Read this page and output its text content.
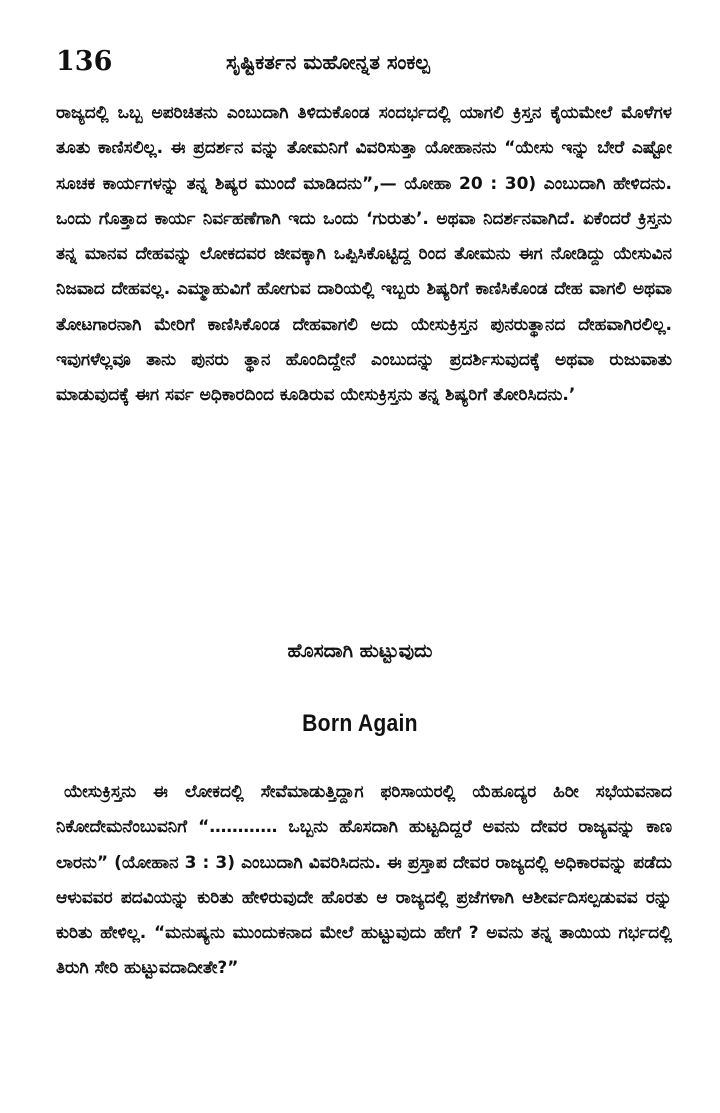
136	ಸೃಷ್ಟಿಕರ್ತನ ಮಹೋನ್ನತ ಸಂಕಲ್ಪ

ರಾಜ್ಯದಲ್ಲಿ ಒಬ್ಬ ಅಪರಿಚಿತನು ಎಂಬುದಾಗಿ ತಿಳಿದುಕೊಂಡ ಸಂದರ್ಭದಲ್ಲಿ ಯಾಗಲಿ ಕ್ರಿಸ್ತನ ಕೈಯಮೇಲೆ ಮೊಳೆಗಳ ತೂತು ಕಾಣಿಸಲಿಲ್ಲ. ಈ ಪ್ರದರ್ಶನ ವನ್ನು ತೋಮನಿಗೆ ವಿವರಿಸುತ್ತಾ ಯೋಹಾನನು “ಯೇಸು ಇನ್ನು ಬೇರೆ ಎಷ್ಟೋ ಸೂಚಕ ಕಾರ್ಯಗಳನ್ನು ತನ್ನ ಶಿಷ್ಯರ ಮುಂದೆ ಮಾಡಿದನು”,— ಯೋಹಾ 20 : 30) ಎಂಬುದಾಗಿ ಹೇಳಿದನು. ಒಂದು ಗೊತ್ತಾದ ಕಾರ್ಯ ನಿರ್ವಹಣೆಗಾಗಿ ಇದು ಒಂದು ‘ಗುರುತು’. ಅಥವಾ ನಿದರ್ಶನವಾಗಿದೆ. ಏಕೆಂದರೆ ಕ್ರಿಸ್ತನು ತನ್ನ ಮಾನವ ದೇಹವನ್ನು ಲೋಕದವರ ಜೀವಕ್ಕಾಗಿ ಒಪ್ಪಿಸಿಕೊಟ್ಟಿದ್ದ ರಿಂದ ತೋಮನು ಈಗ ನೋಡಿದ್ದು ಯೇಸುವಿನ ನಿಜವಾದ ದೇಹವಲ್ಲ. ಎಮ್ಮಾಹುವಿಗೆ ಹೋಗುವ ದಾರಿಯಲ್ಲಿ ಇಬ್ಬರು ಶಿಷ್ಯರಿಗೆ ಕಾಣಿಸಿಕೊಂಡ ದೇಹ ವಾಗಲಿ ಅಥವಾ ತೋಟಗಾರನಾಗಿ ಮೇರಿಗೆ ಕಾಣಿಸಿಕೊಂಡ ದೇಹವಾಗಲಿ ಅದು ಯೇಸುಕ್ರಿಸ್ತನ ಪುನರುತ್ಥಾನದ ದೇಹವಾಗಿರಲಿಲ್ಲ. ಇವುಗಳೆಲ್ಲವೂ ತಾನು ಪುನರು ತ್ಥಾನ ಹೊಂದಿದ್ದೇನೆ ಎಂಬುದನ್ನು ಪ್ರದರ್ಶಿಸುವುದಕ್ಕೆ ಅಥವಾ ರುಜುವಾತು ಮಾಡುವುದಕ್ಕೆ ಈಗ ಸರ್ವ ಅಧಿಕಾರದಿಂದ ಕೂಡಿರುವ ಯೇಸುಕ್ರಿಸ್ತನು ತನ್ನ ಶಿಷ್ಯರಿಗೆ ತೋರಿಸಿದನು.’

ಹೊಸದಾಗಿ ಹುಟ್ಟುವುದು
Born Again

ಯೇಸುಕ್ರಿಸ್ತನು ಈ ಲೋಕದಲ್ಲಿ ಸೇವೆಮಾಡುತ್ತಿದ್ದಾಗ ಫರಿಸಾಯರಲ್ಲಿ ಯೆಹೂದ್ಯರ ಹಿರೀ ಸಭೆಯವನಾದ ನಿಕೋದೇಮನೆಂಬುವನಿಗೆ “………… ಒಬ್ಬನು ಹೊಸದಾಗಿ ಹುಟ್ಟದಿದ್ದರೆ ಅವನು ದೇವರ ರಾಜ್ಯವನ್ನು ಕಾಣ ಲಾರನು” (ಯೋಹಾನ 3 : 3) ಎಂಬುದಾಗಿ ವಿವರಿಸಿದನು. ಈ ಪ್ರಸ್ತಾಪ ದೇವರ ರಾಜ್ಯದಲ್ಲಿ ಅಧಿಕಾರವನ್ನು ಪಡೆದು ಆಳುವವರ ಪದವಿಯನ್ನು ಕುರಿತು ಹೇಳಿರುವುದೇ ಹೊರತು ಆ ರಾಜ್ಯದಲ್ಲಿ ಪ್ರಜೆಗಳಾಗಿ ಆಶೀರ್ವದಿಸಲ್ಪಡುವವ ರನ್ನು ಕುರಿತು ಹೇಳಿಲ್ಲ. “ಮನುಷ್ಯನು ಮುಂದುಕನಾದ ಮೇಲೆ ಹುಟ್ಟುವುದು ಹೇಗೆ ? ಅವನು ತನ್ನ ತಾಯಿಯ ಗರ್ಭದಲ್ಲಿ ತಿರುಗಿ ಸೇರಿ ಹುಟ್ಟುವದಾದೀತೇ?”
